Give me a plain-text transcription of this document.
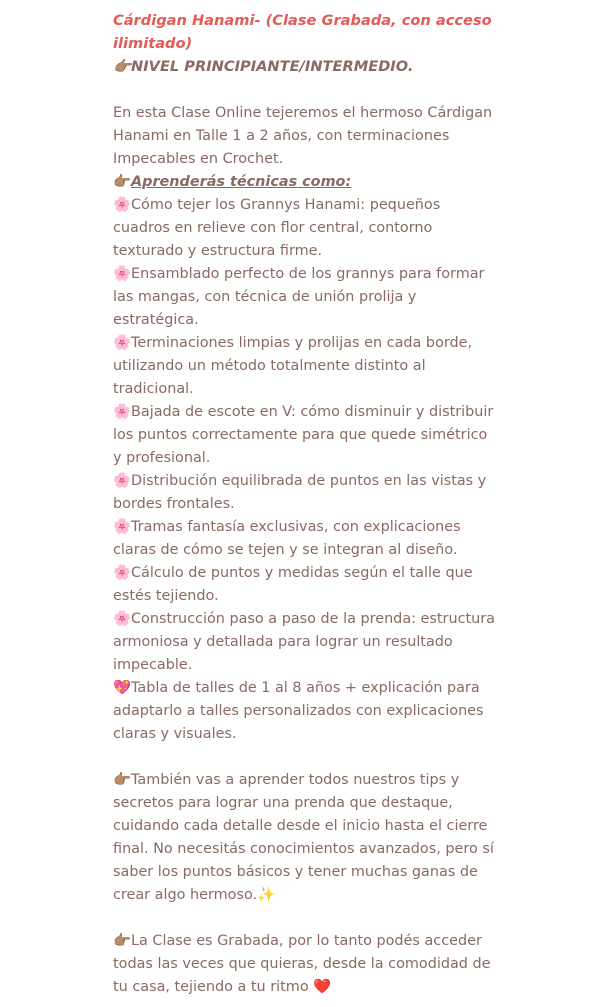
Cárdigan Hanami- (Clase Grabada, con acceso ilimitado)

👉🏽NIVEL PRINCIPIANTE/INTERMEDIO.

En esta Clase Online tejeremos el hermoso Cárdigan Hanami en Talle 1 a 2 años, con terminaciones Impecables en Crochet.

👉🏽Aprenderás técnicas como:

🌸Cómo tejer los Grannys Hanami: pequeños cuadros en relieve con flor central, contorno texturado y estructura firme.

🌸Ensamblado perfecto de los grannys para formar las mangas, con técnica de unión prolija y estratégica.

🌸Terminaciones limpias y prolijas en cada borde, utilizando un método totalmente distinto al tradicional.

🌸Bajada de escote en V: cómo disminuir y distribuir los puntos correctamente para que quede simétrico y profesional.

🌸Distribución equilibrada de puntos en las vistas y bordes frontales.

🌸Tramas fantasía exclusivas, con explicaciones claras de cómo se tejen y se integran al diseño.

🌸Cálculo de puntos y medidas según el talle que estés tejiendo.

🌸Construcción paso a paso de la prenda: estructura armoniosa y detallada para lograr un resultado impecable.

💖Tabla de talles de 1 al 8 años + explicación para adaptarlo a talles personalizados con explicaciones claras y visuales.

👉🏽También vas a aprender todos nuestros tips y secretos para lograr una prenda que destaque, cuidando cada detalle desde el inicio hasta el cierre final. No necesitás conocimientos avanzados, pero sí saber los puntos básicos y tener muchas ganas de crear algo hermoso.✨

👉🏽La Clase es Grabada, por lo tanto podés acceder todas las veces que quieras, desde la comodidad de tu casa, tejiendo a tu ritmo ❤️
